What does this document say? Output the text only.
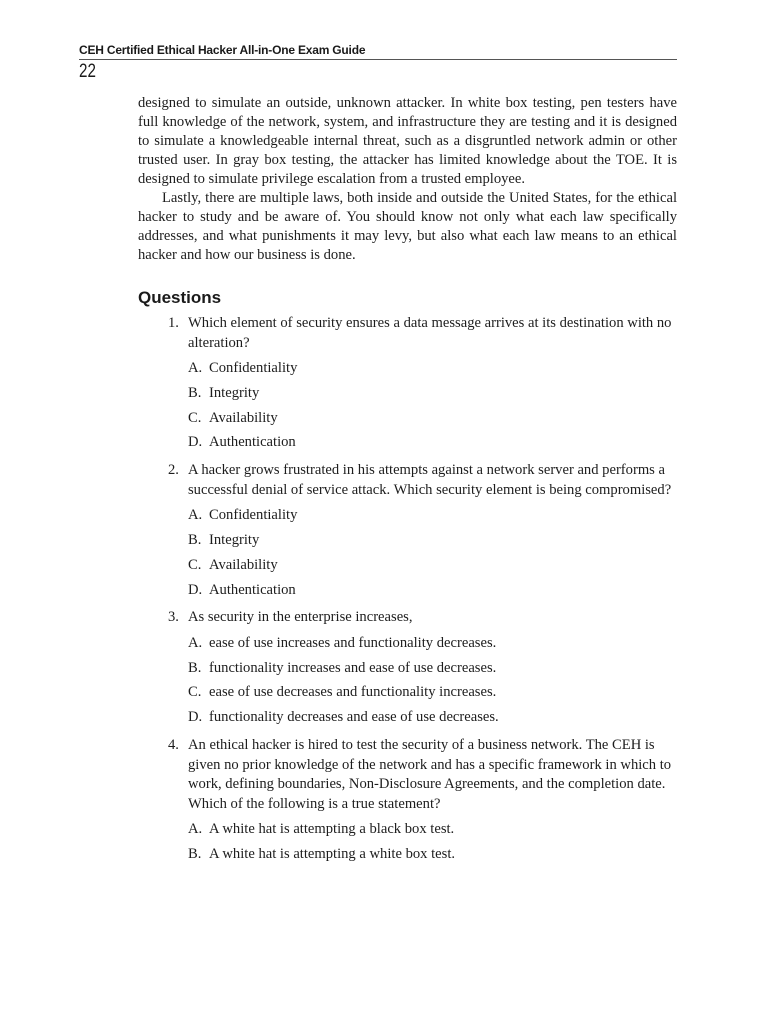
CEH Certified Ethical Hacker All-in-One Exam Guide
22

designed to simulate an outside, unknown attacker. In white box testing, pen testers have full knowledge of the network, system, and infrastructure they are testing and it is designed to simulate a knowledgeable internal threat, such as a disgruntled network admin or other trusted user. In gray box testing, the attacker has limited knowledge about the TOE. It is designed to simulate privilege escalation from a trusted employee.

Lastly, there are multiple laws, both inside and outside the United States, for the ethical hacker to study and be aware of. You should know not only what each law specifically addresses, and what punishments it may levy, but also what each law means to an ethical hacker and how our business is done.

Questions
1. Which element of security ensures a data message arrives at its destination with no alteration?
A. Confidentiality
B. Integrity
C. Availability
D. Authentication
2. A hacker grows frustrated in his attempts against a network server and performs a successful denial of service attack. Which security element is being compromised?
A. Confidentiality
B. Integrity
C. Availability
D. Authentication
3. As security in the enterprise increases,
A. ease of use increases and functionality decreases.
B. functionality increases and ease of use decreases.
C. ease of use decreases and functionality increases.
D. functionality decreases and ease of use decreases.
4. An ethical hacker is hired to test the security of a business network. The CEH is given no prior knowledge of the network and has a specific framework in which to work, defining boundaries, Non-Disclosure Agreements, and the completion date. Which of the following is a true statement?
A. A white hat is attempting a black box test.
B. A white hat is attempting a white box test.
